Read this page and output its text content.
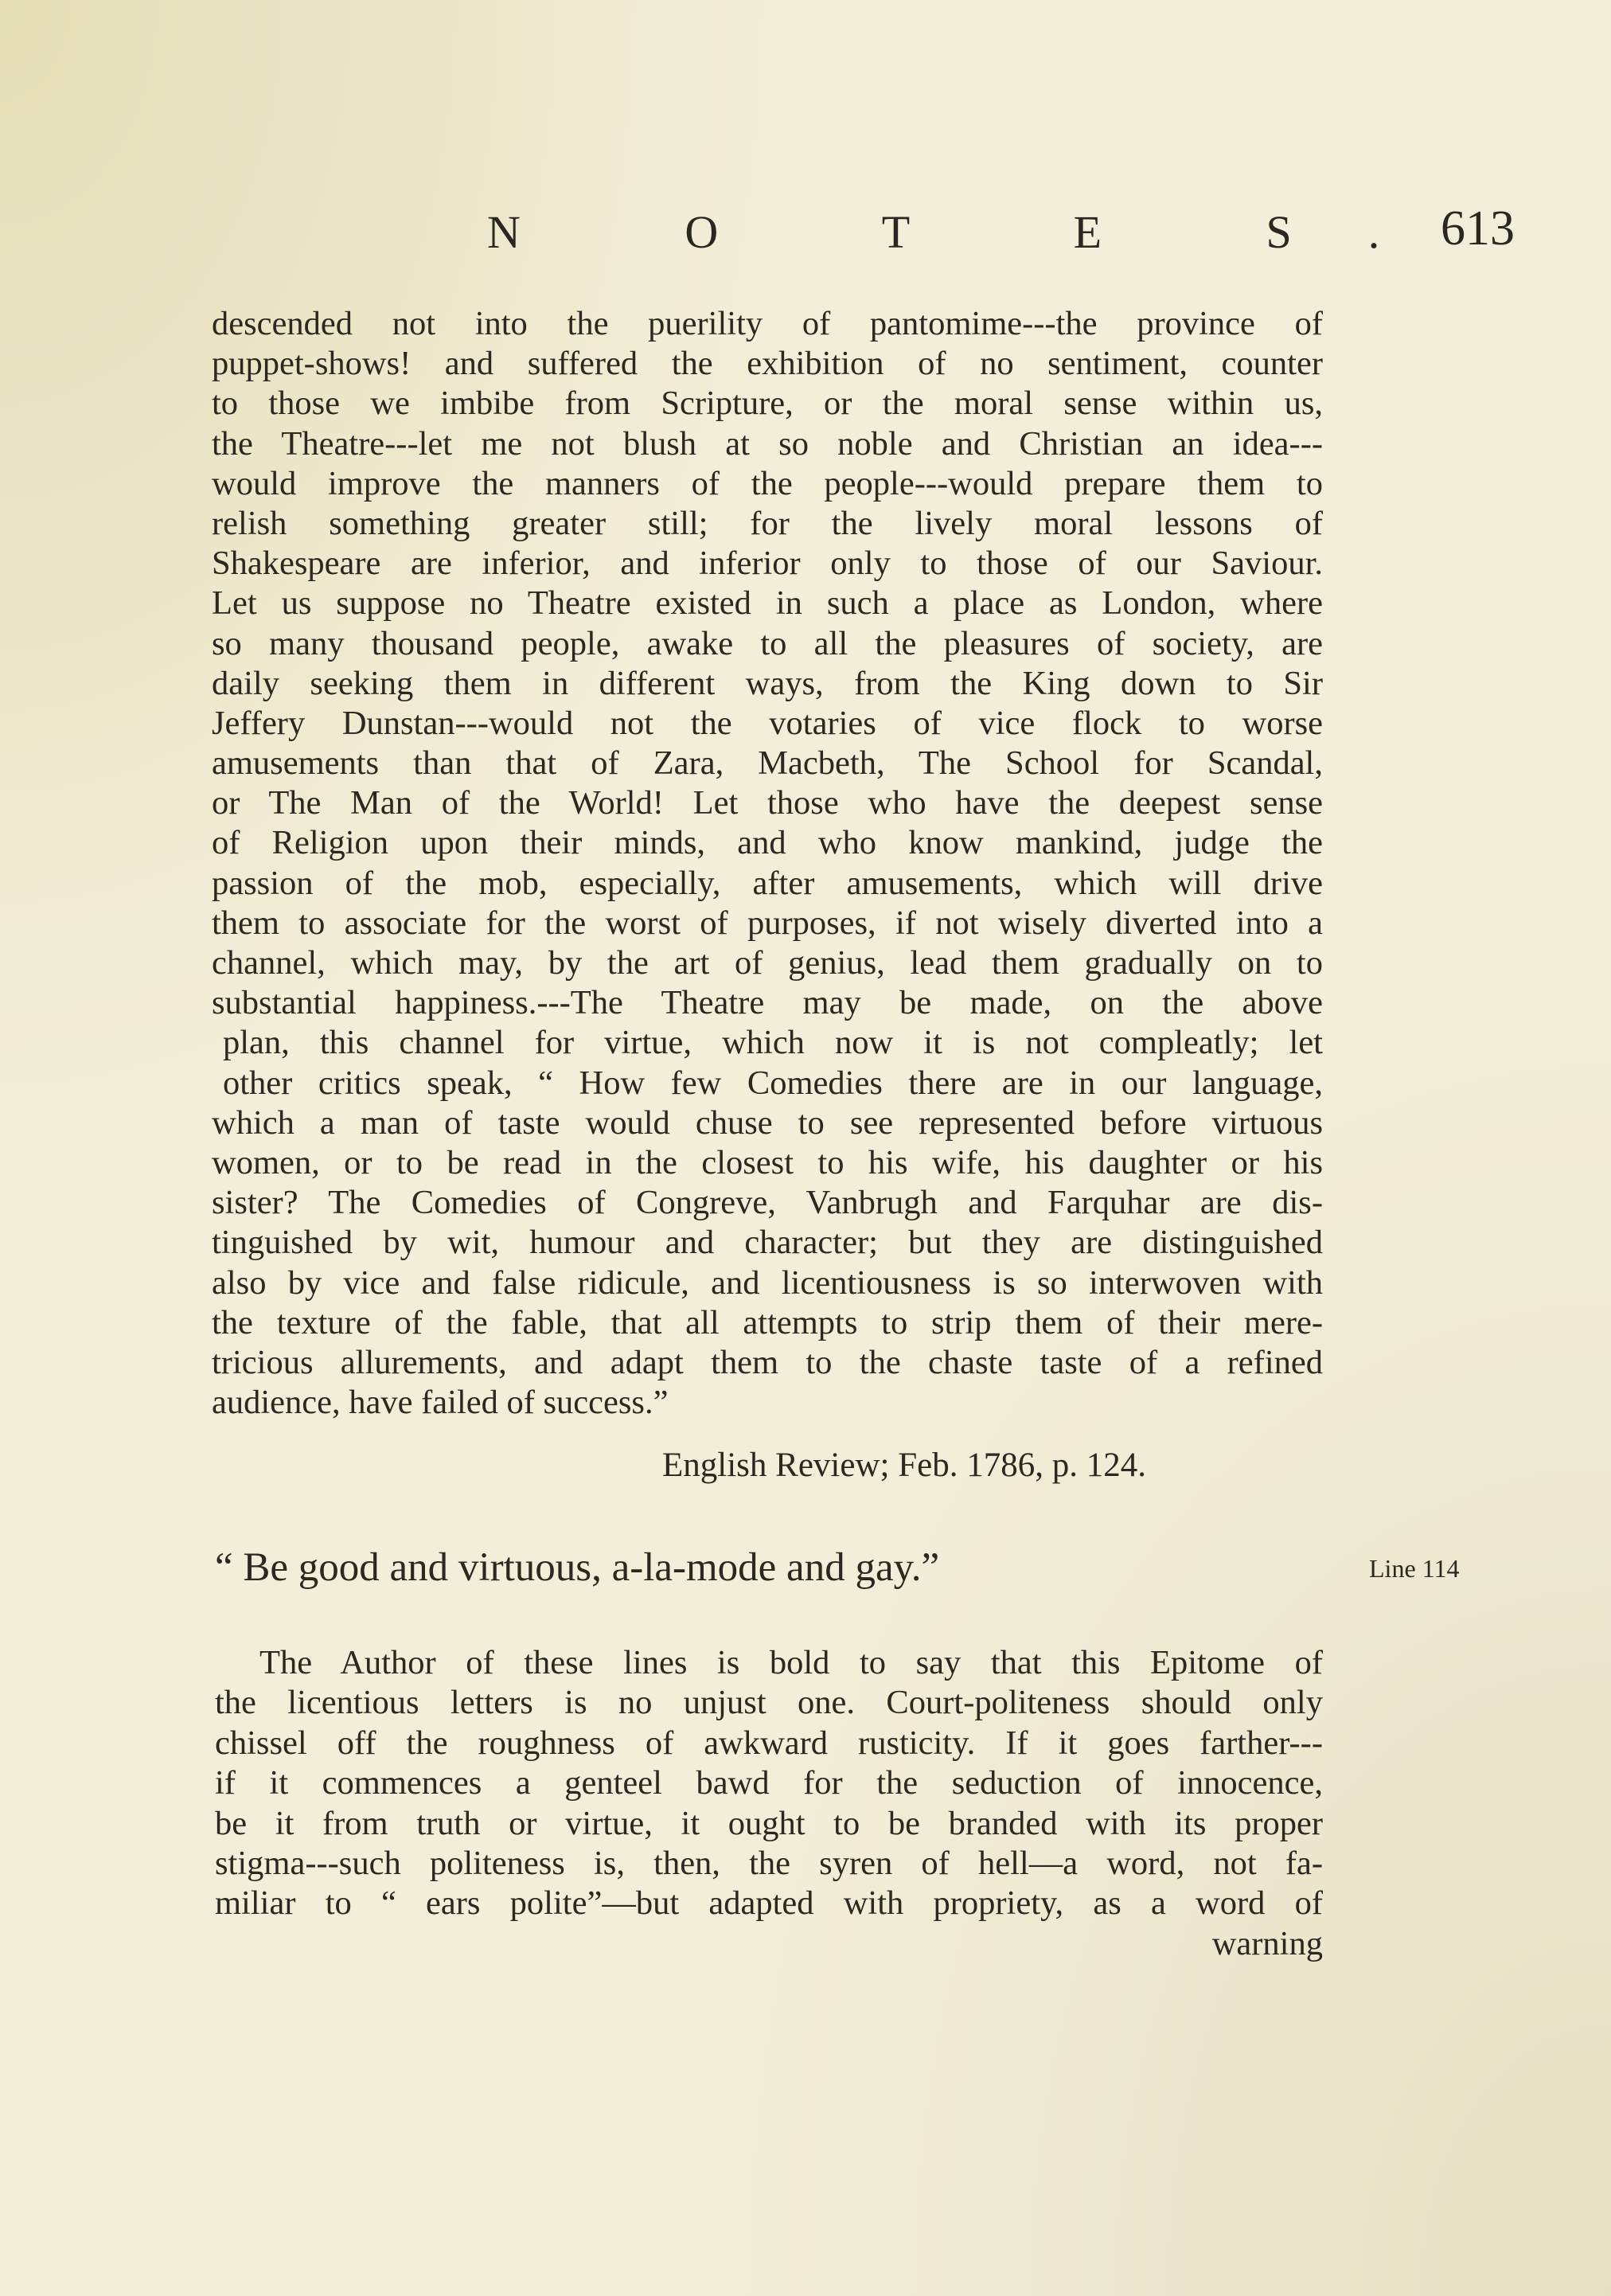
N O T E S.
613
descended not into the puerility of pantomime---the province of
puppet-shows! and suffered the exhibition of no sentiment, counter
to those we imbibe from Scripture, or the moral sense within us,
the Theatre---let me not blush at so noble and Christian an idea---
would improve the manners of the people---would prepare them to
relish something greater still; for the lively moral lessons of
Shakespeare are inferior, and inferior only to those of our Saviour.
Let us suppose no Theatre existed in such a place as London, where
so many thousand people, awake to all the pleasures of society, are
daily seeking them in different ways, from the King down to Sir
Jeffery Dunstan---would not the votaries of vice flock to worse
amusements than that of Zara, Macbeth, The School for Scandal,
or The Man of the World! Let those who have the deepest sense
of Religion upon their minds, and who know mankind, judge the
passion of the mob, especially, after amusements, which will drive
them to associate for the worst of purposes, if not wisely diverted into a
channel, which may, by the art of genius, lead them gradually on to
substantial happiness.---The Theatre may be made, on the above
plan, this channel for virtue, which now it is not compleatly; let
other critics speak, “ How few Comedies there are in our language,
which a man of taste would chuse to see represented before virtuous
women, or to be read in the closest to his wife, his daughter or his
sister? The Comedies of Congreve, Vanbrugh and Farquhar are dis-
tinguished by wit, humour and character; but they are distinguished
also by vice and false ridicule, and licentiousness is so interwoven with
the texture of the fable, that all attempts to strip them of their mere-
tricious allurements, and adapt them to the chaste taste of a refined
audience, have failed of success.”
English Review; Feb. 1786, p. 124.
“ Be good and virtuous, a-la-mode and gay.”	Line 114
The Author of these lines is bold to say that this Epitome of
the licentious letters is no unjust one. Court-politeness should only
chissel off the roughness of awkward rusticity. If it goes farther---
if it commences a genteel bawd for the seduction of innocence,
be it from truth or virtue, it ought to be branded with its proper
stigma---such politeness is, then, the syren of hell—a word, not fa-
miliar to “ ears polite”—but adapted with propriety, as a word of
warning
